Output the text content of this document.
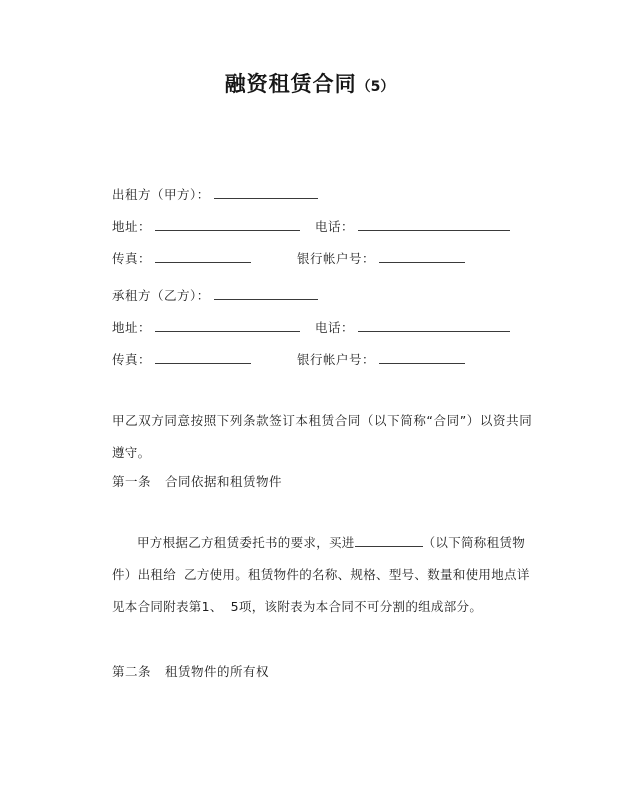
融资租赁合同（5）
出租方（甲方）：
地址：	电话：
传真：	银行帐户号：
承租方（乙方）：
地址：	电话：
传真：	银行帐户号：
甲乙双方同意按照下列条款签订本租赁合同（以下简称“合同”）以资共同遵守。
第一条 合同依据和租赁物件
甲方根据乙方租赁委托书的要求，买进	（以下简称租赁物件）出租给 乙方使用。租赁物件的名称、规格、型号、数量和使用地点详见本合同附表第1、 5项，该附表为本合同不可分割的组成部分。
第二条 租赁物件的所有权
